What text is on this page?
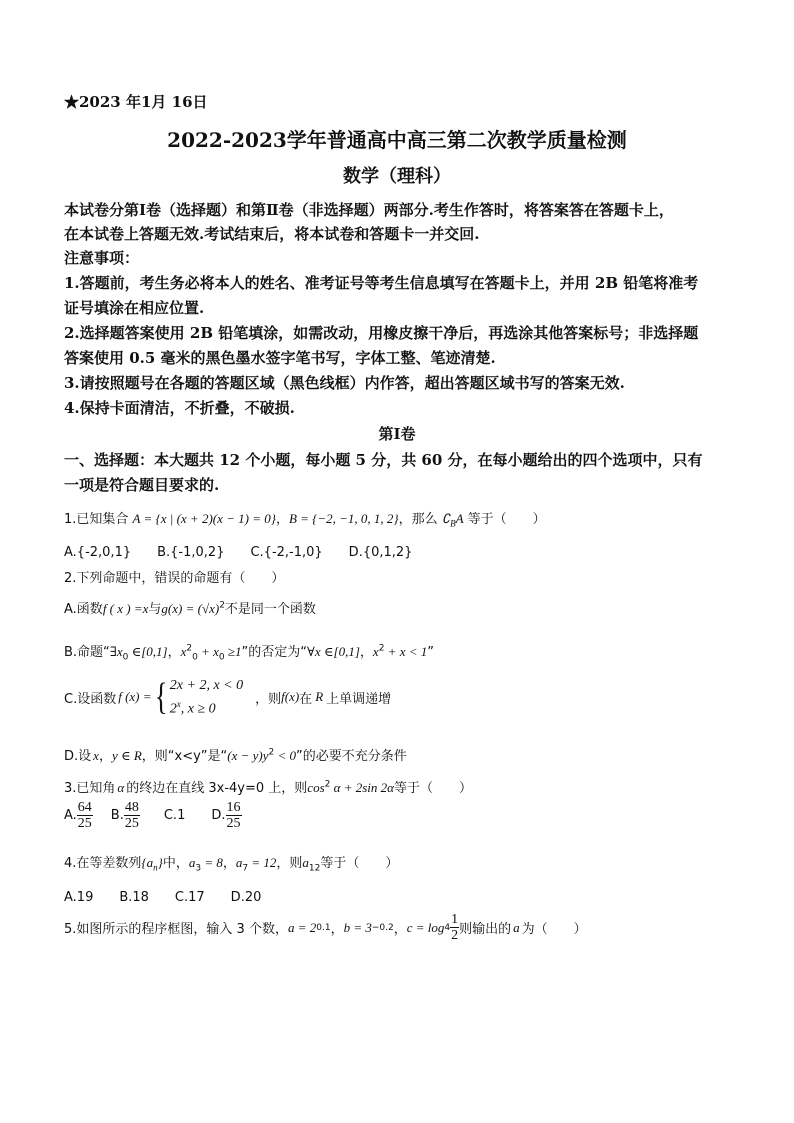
★2023 年1月 16日
2022-2023学年普通高中高三第二次教学质量检测
数学（理科）
本试卷分第Ⅰ卷（选择题）和第Ⅱ卷（非选择题）两部分.考生作答时，将答案答在答题卡上，
在本试卷上答题无效.考试结束后，将本试卷和答题卡一并交回.
注意事项：
1.答题前，考生务必将本人的姓名、准考证号等考生信息填写在答题卡上，并用 2B 铅笔将准考
证号填涂在相应位置.
2.选择题答案使用 2B 铅笔填涂，如需改动，用橡皮擦干净后，再选涂其他答案标号；非选择题
答案使用 0.5 毫米的黑色墨水签字笔书写，字体工整、笔迹清楚.
3.请按照题号在各题的答题区域（黑色线框）内作答，超出答题区域书写的答案无效.
4.保持卡面清洁，不折叠，不破损.
第Ⅰ卷
一、选择题：本大题共 12 个小题，每小题 5 分，共 60 分，在每小题给出的四个选项中，只有
一项是符合题目要求的.
1.已知集合 A = {x | (x + 2)(x − 1) = 0}，B = {−2, −1, 0, 1, 2}，那么 $∁_BA$ 等于（　　）
A.{-2,0,1}　　B.{-1,0,2}　　C.{-2,-1,0}　　D.{0,1,2}
2.下列命题中，错误的命题有（　　）
A.函数f ( x ) =x与$g(x) = (√x)^2$不是同一个函数
B.命题“$\exists x_0$ ∈[0,1]，$x^2_0 + x_0 \ge 1$”的否定为“∀x ∈[0,1]，$x^2 + x < 1$”
C.设函数 f (x) = { 2x + 2, x < 0
2$^x$, x ≥ 0
，则 f(x) 在 R 上单调递增
D.设 x，y ∈ R，则“x<y”是“$(x - y)y^2 < 0$”的必要不充分条件
3.已知角 α 的终边在直线 3x-4y=0 上，则$\cos^2 \alpha + 2\sin$ 2α等于（　　）
A. $\frac{64}{25} B$. $\frac{48}{25} C.1$ D. $\frac{16}{25}$
4.在等差数列$\{a_n\}$中，$a_3 = 8$，$a_7 = 12$，则$a_{12}$等于（　　）
A.19　　B.18　　C.17　　D.20
5.如图所示的程序框图，输入 3 个数， a = 2 0.1 ， b = 3 −0.2 ， $c = \log 4 \frac{1}{2}$ 则输出的 a 为（　　）
